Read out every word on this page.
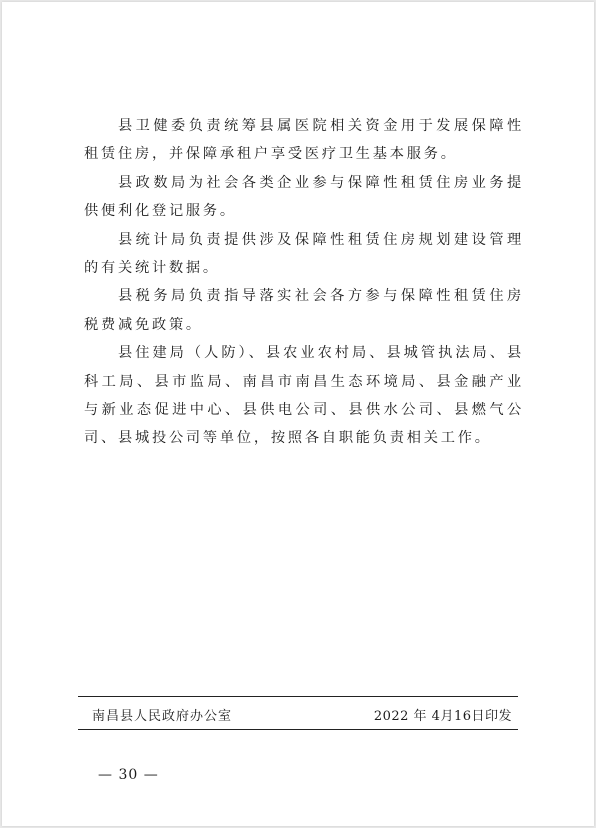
县卫健委负责统筹县属医院相关资金用于发展保障性租赁住房，并保障承租户享受医疗卫生基本服务。

县政数局为社会各类企业参与保障性租赁住房业务提供便利化登记服务。

县统计局负责提供涉及保障性租赁住房规划建设管理的有关统计数据。

县税务局负责指导落实社会各方参与保障性租赁住房税费减免政策。

县住建局（人防）、县农业农村局、县城管执法局、县科工局、县市监局、南昌市南昌生态环境局、县金融产业与新业态促进中心、县供电公司、县供水公司、县燃气公司、县城投公司等单位，按照各自职能负责相关工作。

南昌县人民政府办公室	2022 年 4月16日印发
— 30 —
